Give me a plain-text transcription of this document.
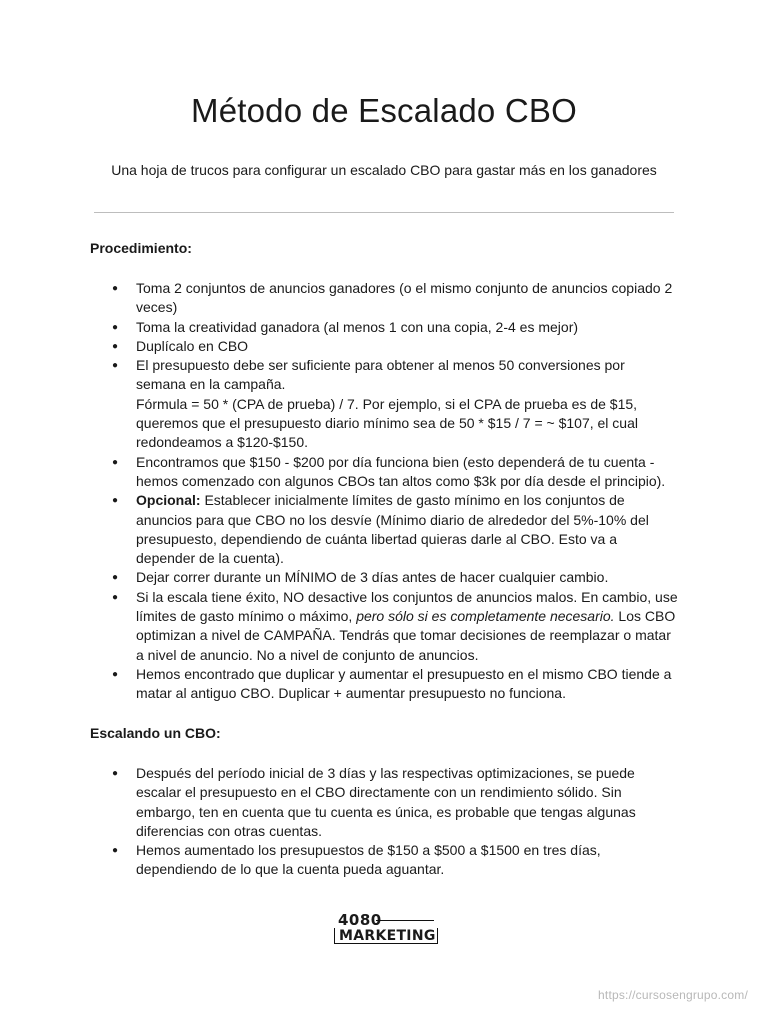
Método de Escalado CBO

Una hoja de trucos para configurar un escalado CBO para gastar más en los ganadores

Procedimiento:

● Toma 2 conjuntos de anuncios ganadores (o el mismo conjunto de anuncios copiado 2 veces)
● Toma la creatividad ganadora (al menos 1 con una copia, 2-4 es mejor)
● Duplícalo en CBO
● El presupuesto debe ser suficiente para obtener al menos 50 conversiones por semana en la campaña.
Fórmula = 50 * (CPA de prueba) / 7. Por ejemplo, si el CPA de prueba es de $15, queremos que el presupuesto diario mínimo sea de 50 * $15 / 7 = ~ $107, el cual redondeamos a $120-$150.
● Encontramos que $150 - $200 por día funciona bien (esto dependerá de tu cuenta - hemos comenzado con algunos CBOs tan altos como $3k por día desde el principio).
● Opcional: Establecer inicialmente límites de gasto mínimo en los conjuntos de anuncios para que CBO no los desvíe (Mínimo diario de alrededor del 5%-10% del presupuesto, dependiendo de cuánta libertad quieras darle al CBO. Esto va a depender de la cuenta).
● Dejar correr durante un MÍNIMO de 3 días antes de hacer cualquier cambio.
● Si la escala tiene éxito, NO desactive los conjuntos de anuncios malos. En cambio, use límites de gasto mínimo o máximo, pero sólo si es completamente necesario. Los CBO optimizan a nivel de CAMPAÑA. Tendrás que tomar decisiones de reemplazar o matar a nivel de anuncio. No a nivel de conjunto de anuncios.
● Hemos encontrado que duplicar y aumentar el presupuesto en el mismo CBO tiende a matar al antiguo CBO. Duplicar + aumentar presupuesto no funciona.

Escalando un CBO:

● Después del período inicial de 3 días y las respectivas optimizaciones, se puede escalar el presupuesto en el CBO directamente con un rendimiento sólido. Sin embargo, ten en cuenta que tu cuenta es única, es probable que tengas algunas diferencias con otras cuentas.
● Hemos aumentado los presupuestos de $150 a $500 a $1500 en tres días, dependiendo de lo que la cuenta pueda aguantar.
4080
MARKETING
https://cursosengrupo.com/
